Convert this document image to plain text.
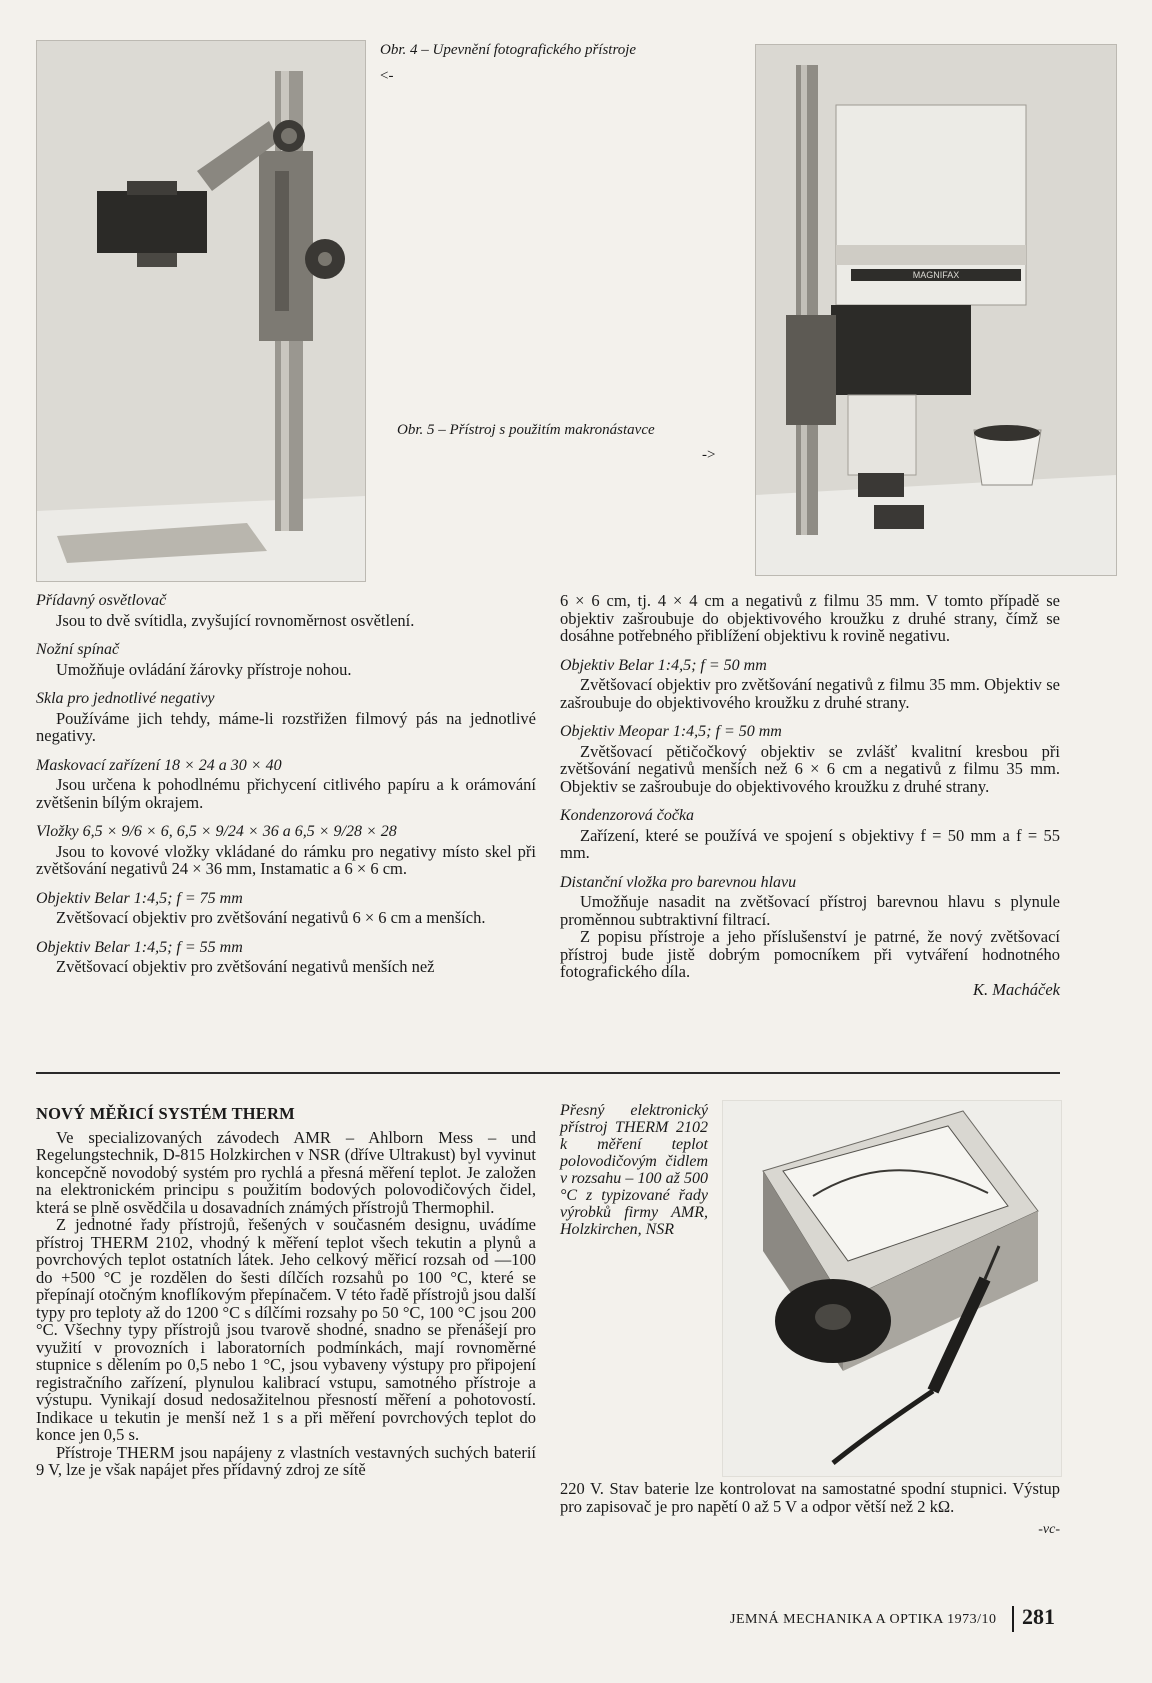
Obr. 4 – Upevnění fotografického přístroje
<-
MAGNIFAX
Obr. 5 – Přístroj s použitím makronástavce
->
Přídavný osvětlovač

Jsou to dvě svítidla, zvyšující rovnoměrnost osvětlení.

Nožní spínač

Umožňuje ovládání žárovky přístroje nohou.

Skla pro jednotlivé negativy

Používáme jich tehdy, máme-li rozstřižen filmový pás na jednotlivé negativy.

Maskovací zařízení 18 × 24 a 30 × 40

Jsou určena k pohodlnému přichycení citlivého papíru a k orámování zvětšenin bílým okrajem.

Vložky 6,5 × 9/6 × 6, 6,5 × 9/24 × 36 a 6,5 × 9/28 × 28

Jsou to kovové vložky vkládané do rámku pro negativy místo skel při zvětšování negativů 24 × 36 mm, Instamatic a 6 × 6 cm.

Objektiv Belar 1:4,5; f = 75 mm

Zvětšovací objektiv pro zvětšování negativů 6 × 6 cm a menších.

Objektiv Belar 1:4,5; f = 55 mm

Zvětšovací objektiv pro zvětšování negativů menších než

6 × 6 cm, tj. 4 × 4 cm a negativů z filmu 35 mm. V tomto případě se objektiv zašroubuje do objektivového kroužku z druhé strany, čímž se dosáhne potřebného přiblížení objektivu k rovině negativu.

Objektiv Belar 1:4,5; f = 50 mm

Zvětšovací objektiv pro zvětšování negativů z filmu 35 mm. Objektiv se zašroubuje do objektivového kroužku z druhé strany.

Objektiv Meopar 1:4,5; f = 50 mm

Zvětšovací pětičočkový objektiv se zvlášť kvalitní kresbou při zvětšování negativů menších než 6 × 6 cm a negativů z filmu 35 mm. Objektiv se zašroubuje do objektivového kroužku z druhé strany.

Kondenzorová čočka

Zařízení, které se používá ve spojení s objektivy f = 50 mm a f = 55 mm.

Distanční vložka pro barevnou hlavu

Umožňuje nasadit na zvětšovací přístroj barevnou hlavu s plynule proměnnou subtraktivní filtrací.

Z popisu přístroje a jeho příslušenství je patrné, že nový zvětšovací přístroj bude jistě dobrým pomocníkem při vytváření hodnotného fotografického díla.

K. Macháček
NOVÝ MĚŘICÍ SYSTÉM THERM

Ve specializovaných závodech AMR – Ahlborn Mess – und Regelungstechnik, D-815 Holzkirchen v NSR (dříve Ultrakust) byl vyvinut koncepčně novodobý systém pro rychlá a přesná měření teplot. Je založen na elektronickém principu s použitím bodových polovodičových čidel, která se plně osvědčila u dosavadních známých přístrojů Thermophil.

Z jednotné řady přístrojů, řešených v současném designu, uvádíme přístroj THERM 2102, vhodný k měření teplot všech tekutin a plynů a povrchových teplot ostatních látek. Jeho celkový měřicí rozsah od —100 do +500 °C je rozdělen do šesti dílčích rozsahů po 100 °C, které se přepínají otočným knoflíkovým přepínačem. V této řadě přístrojů jsou další typy pro teploty až do 1200 °C s dílčími rozsahy po 50 °C, 100 °C jsou 200 °C. Všechny typy přístrojů jsou tvarově shodné, snadno se přenášejí pro využití v provozních i laboratorních podmínkách, mají rovnoměrné stupnice s dělením po 0,5 nebo 1 °C, jsou vybaveny výstupy pro připojení registračního zařízení, plynulou kalibrací vstupu, samotného přístroje a výstupu. Vynikají dosud nedosažitelnou přesností měření a pohotovostí. Indikace u tekutin je menší než 1 s a při měření povrchových teplot do konce jen 0,5 s.

Přístroje THERM jsou napájeny z vlastních vestavných suchých baterií 9 V, lze je však napájet přes přídavný zdroj ze sítě

Přesný elektronický přístroj THERM 2102 k měření teplot polovodičovým čidlem v rozsahu – 100 až 500 °C z typizované řady výrobků firmy AMR, Holzkirchen, NSR

220 V. Stav baterie lze kontrolovat na samostatné spodní stupnici. Výstup pro zapisovač je pro napětí 0 až 5 V a odpor větší než 2 kΩ.

-vc-
JEMNÁ MECHANIKA A OPTIKA 1973/10 281
